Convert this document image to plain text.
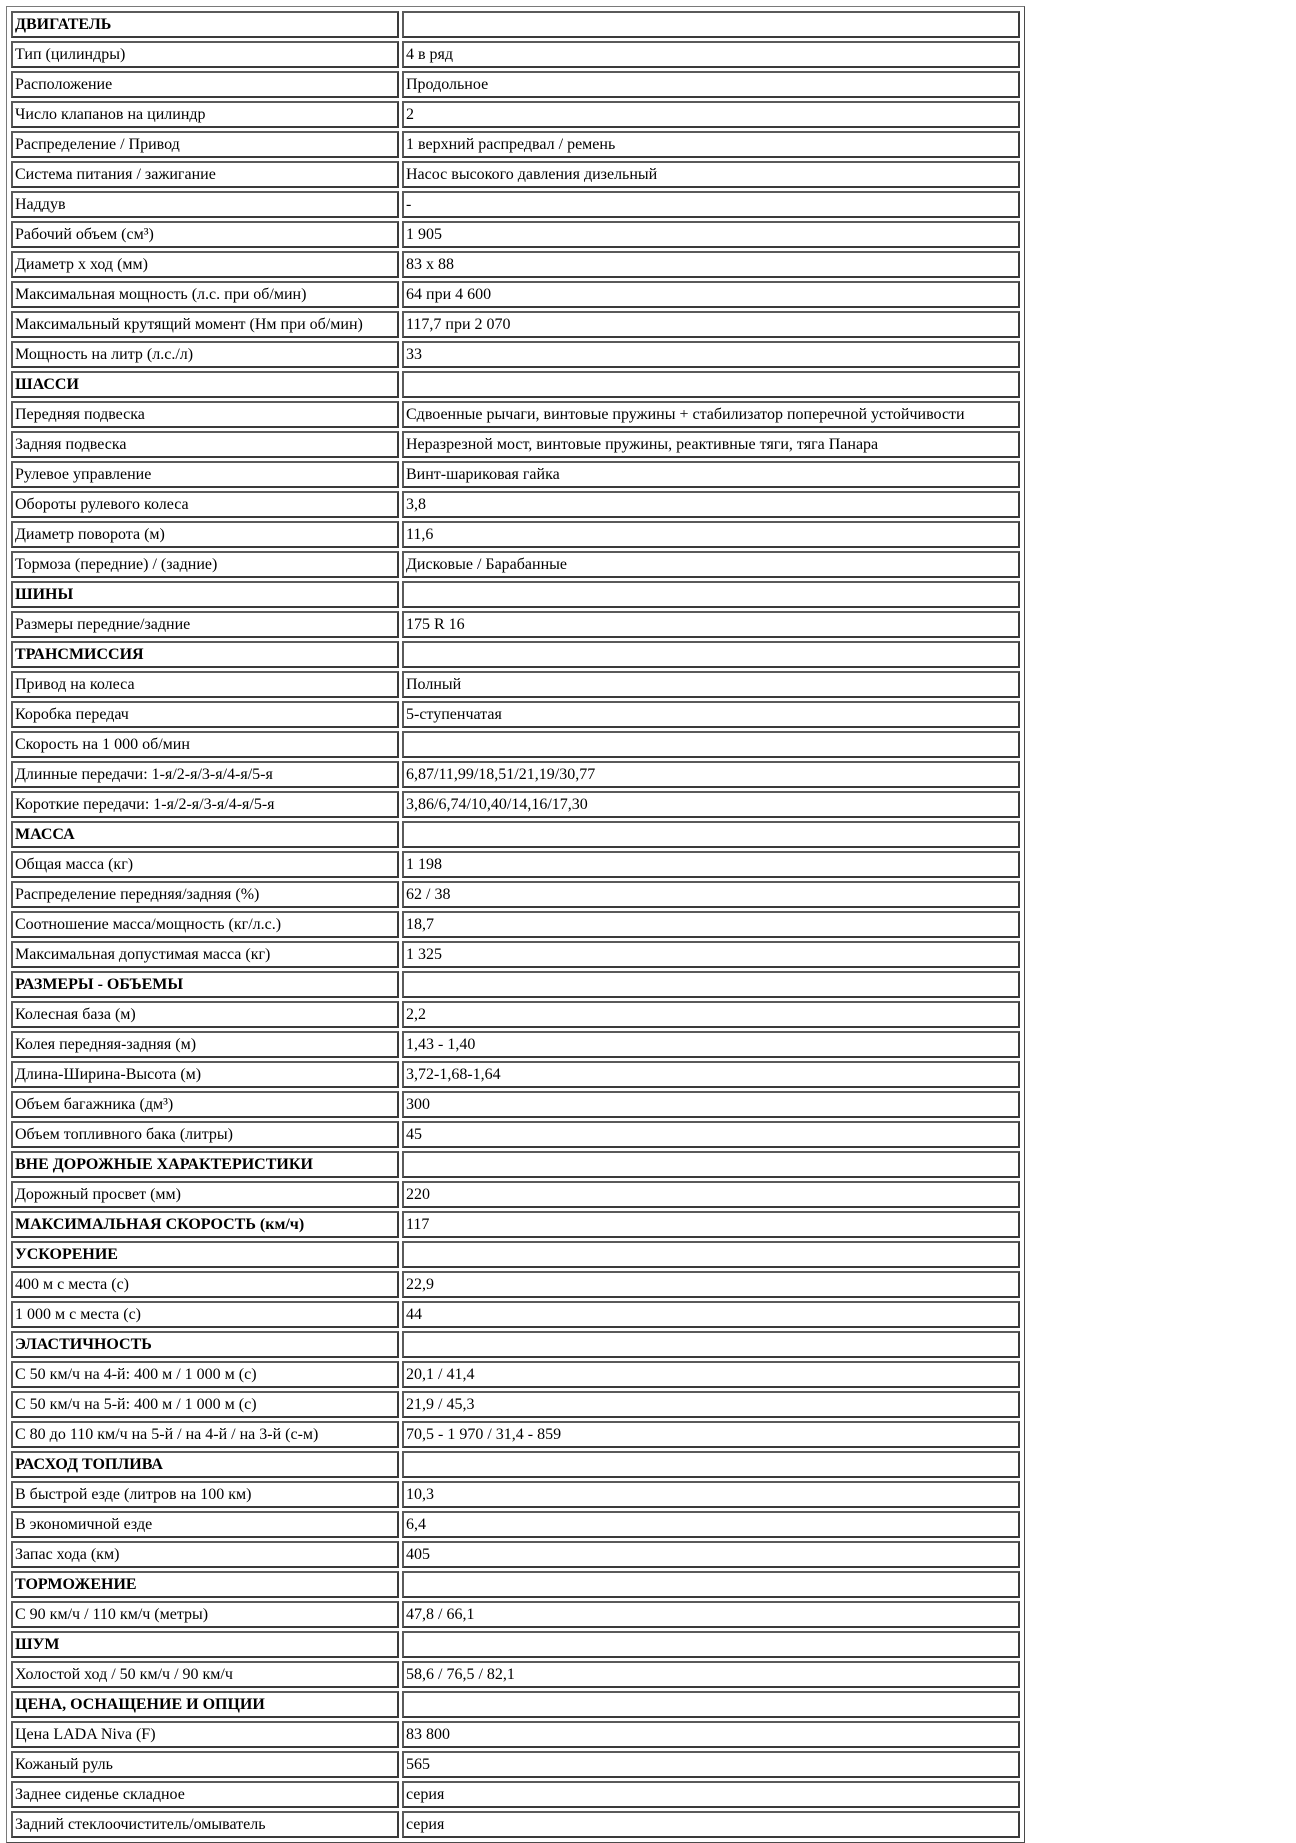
ДВИГАТЕЛЬ	
Тип (цилиндры)	4 в ряд
Расположение	Продольное
Число клапанов на цилиндр	2
Распределение / Привод	1 верхний распредвал / ремень
Система питания / зажигание	Насос высокого давления дизельный
Наддув	-
Рабочий объем (см³)	1 905
Диаметр х ход (мм)	83 x 88
Максимальная мощность (л.с. при об/мин)	64 при 4 600
Максимальный крутящий момент (Нм при об/мин)	117,7 при 2 070
Мощность на литр (л.с./л)	33
ШАССИ	
Передняя подвеска	Сдвоенные рычаги, винтовые пружины + стабилизатор поперечной устойчивости
Задняя подвеска	Неразрезной мост, винтовые пружины, реактивные тяги, тяга Панара
Рулевое управление	Винт-шариковая гайка
Обороты рулевого колеса	3,8
Диаметр поворота (м)	11,6
Тормоза (передние) / (задние)	Дисковые / Барабанные
ШИНЫ	
Размеры передние/задние	175 R 16
ТРАНСМИССИЯ	
Привод на колеса	Полный
Коробка передач	5-ступенчатая
Скорость на 1 000 об/мин	
Длинные передачи: 1-я/2-я/3-я/4-я/5-я	6,87/11,99/18,51/21,19/30,77
Короткие передачи: 1-я/2-я/3-я/4-я/5-я	3,86/6,74/10,40/14,16/17,30
МАССА	
Общая масса (кг)	1 198
Распределение передняя/задняя (%)	62 / 38
Соотношение масса/мощность (кг/л.с.)	18,7
Максимальная допустимая масса (кг)	1 325
РАЗМЕРЫ - ОБЪЕМЫ	
Колесная база (м)	2,2
Колея передняя-задняя (м)	1,43 - 1,40
Длина-Ширина-Высота (м)	3,72-1,68-1,64
Объем багажника (дм³)	300
Объем топливного бака (литры)	45
ВНЕ ДОРОЖНЫЕ ХАРАКТЕРИСТИКИ	
Дорожный просвет (мм)	220
МАКСИМАЛЬНАЯ СКОРОСТЬ (км/ч)	117
УСКОРЕНИЕ	
400 м с места (с)	22,9
1 000 м с места (с)	44
ЭЛАСТИЧНОСТЬ	
С 50 км/ч на 4-й: 400 м / 1 000 м (с)	20,1 / 41,4
С 50 км/ч на 5-й: 400 м / 1 000 м (с)	21,9 / 45,3
С 80 до 110 км/ч на 5-й / на 4-й / на 3-й (с-м)	70,5 - 1 970 / 31,4 - 859
РАСХОД ТОПЛИВА	
В быстрой езде (литров на 100 км)	10,3
В экономичной езде	6,4
Запас хода (км)	405
ТОРМОЖЕНИЕ	
С 90 км/ч / 110 км/ч (метры)	47,8 / 66,1
ШУМ	
Холостой ход / 50 км/ч / 90 км/ч	58,6 / 76,5 / 82,1
ЦЕНА, ОСНАЩЕНИЕ И ОПЦИИ	
Цена LADA Niva (F)	83 800
Кожаный руль	565
Заднее сиденье складное	серия
Задний стеклоочиститель/омыватель	серия
